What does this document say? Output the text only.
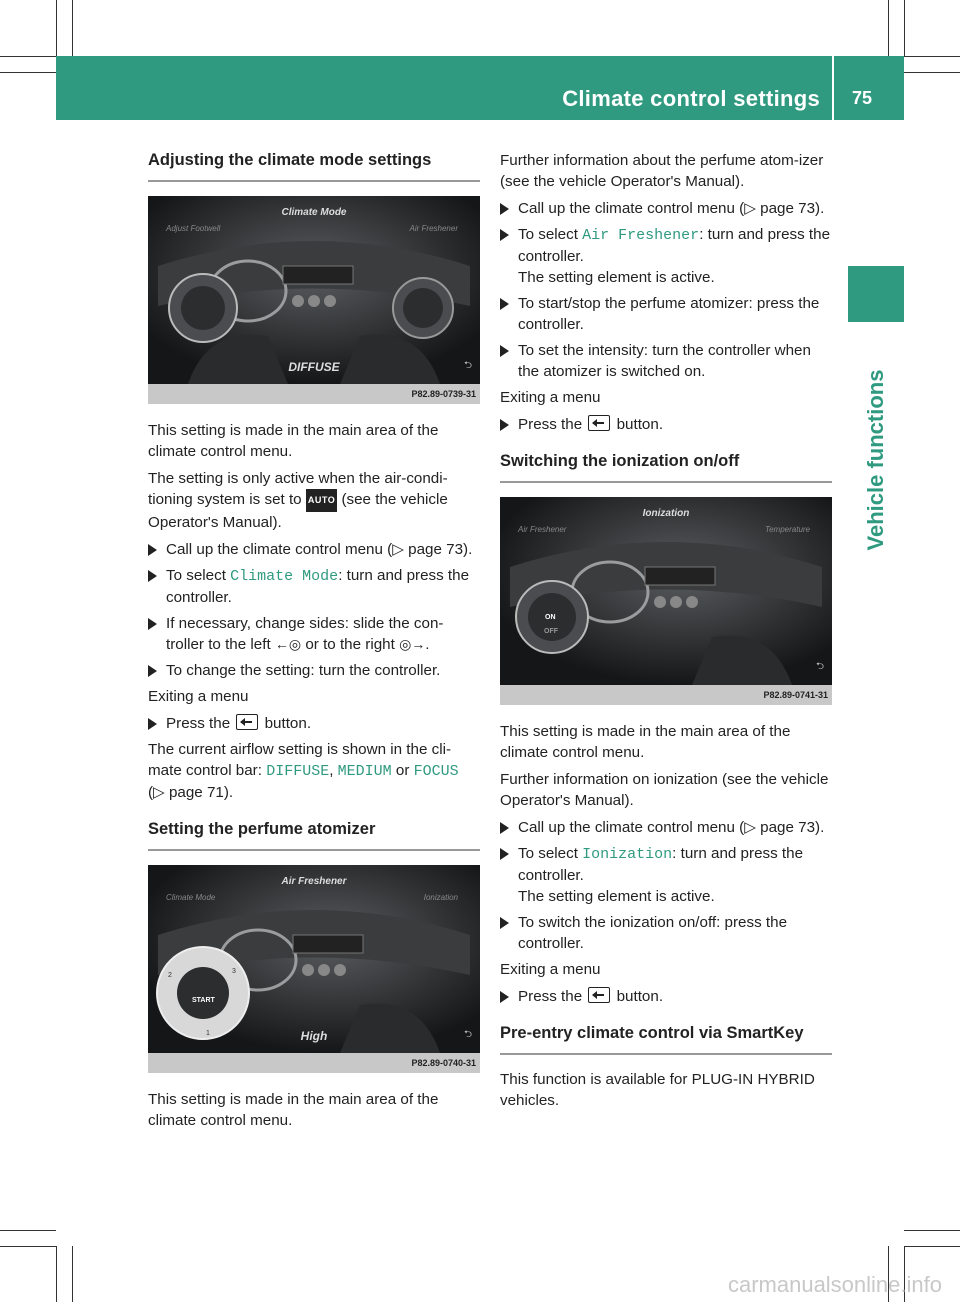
Climate control settings 75
Vehicle functions
Adjusting the climate mode settings
Climate Mode
Adjust Footwell	Air Freshener
DIFFUSE	⮌
P82.89-0739-31

This setting is made in the main area of the climate control menu.

The setting is only active when the air-condi-tioning system is set to AUTO (see the vehicle Operator's Manual).

Call up the climate control menu (▷ page 73).
To select Climate Mode: turn and press the controller.
If necessary, change sides: slide the con-troller to the left ←◎ or to the right ◎→.
To change the setting: turn the controller.

Exiting a menu

Press the  button.

The current airflow setting is shown in the cli-mate control bar: DIFFUSE, MEDIUM or FOCUS

(▷ page 71).

Setting the perfume atomizer
2
3
1
Air Freshener
Climate Mode	Ionization
START
High	⮌
P82.89-0740-31

This setting is made in the main area of the climate control menu.

Further information about the perfume atom-izer (see the vehicle Operator's Manual).

Call up the climate control menu (▷ page 73).
To select Air Freshener: turn and press the controller.
The setting element is active.
To start/stop the perfume atomizer: press the controller.
To set the intensity: turn the controller when the atomizer is switched on.

Exiting a menu

Press the  button.
Switching the ionization on/off
Ionization
Air Freshener	Temperature
ON
OFF
⮌
P82.89-0741-31

This setting is made in the main area of the climate control menu.

Further information on ionization (see the vehicle Operator's Manual).

Call up the climate control menu (▷ page 73).
To select Ionization: turn and press the controller.
The setting element is active.
To switch the ionization on/off: press the controller.

Exiting a menu

Press the  button.
Pre-entry climate control via SmartKey

This function is available for PLUG-IN HYBRID vehicles.

carmanualsonline.info
